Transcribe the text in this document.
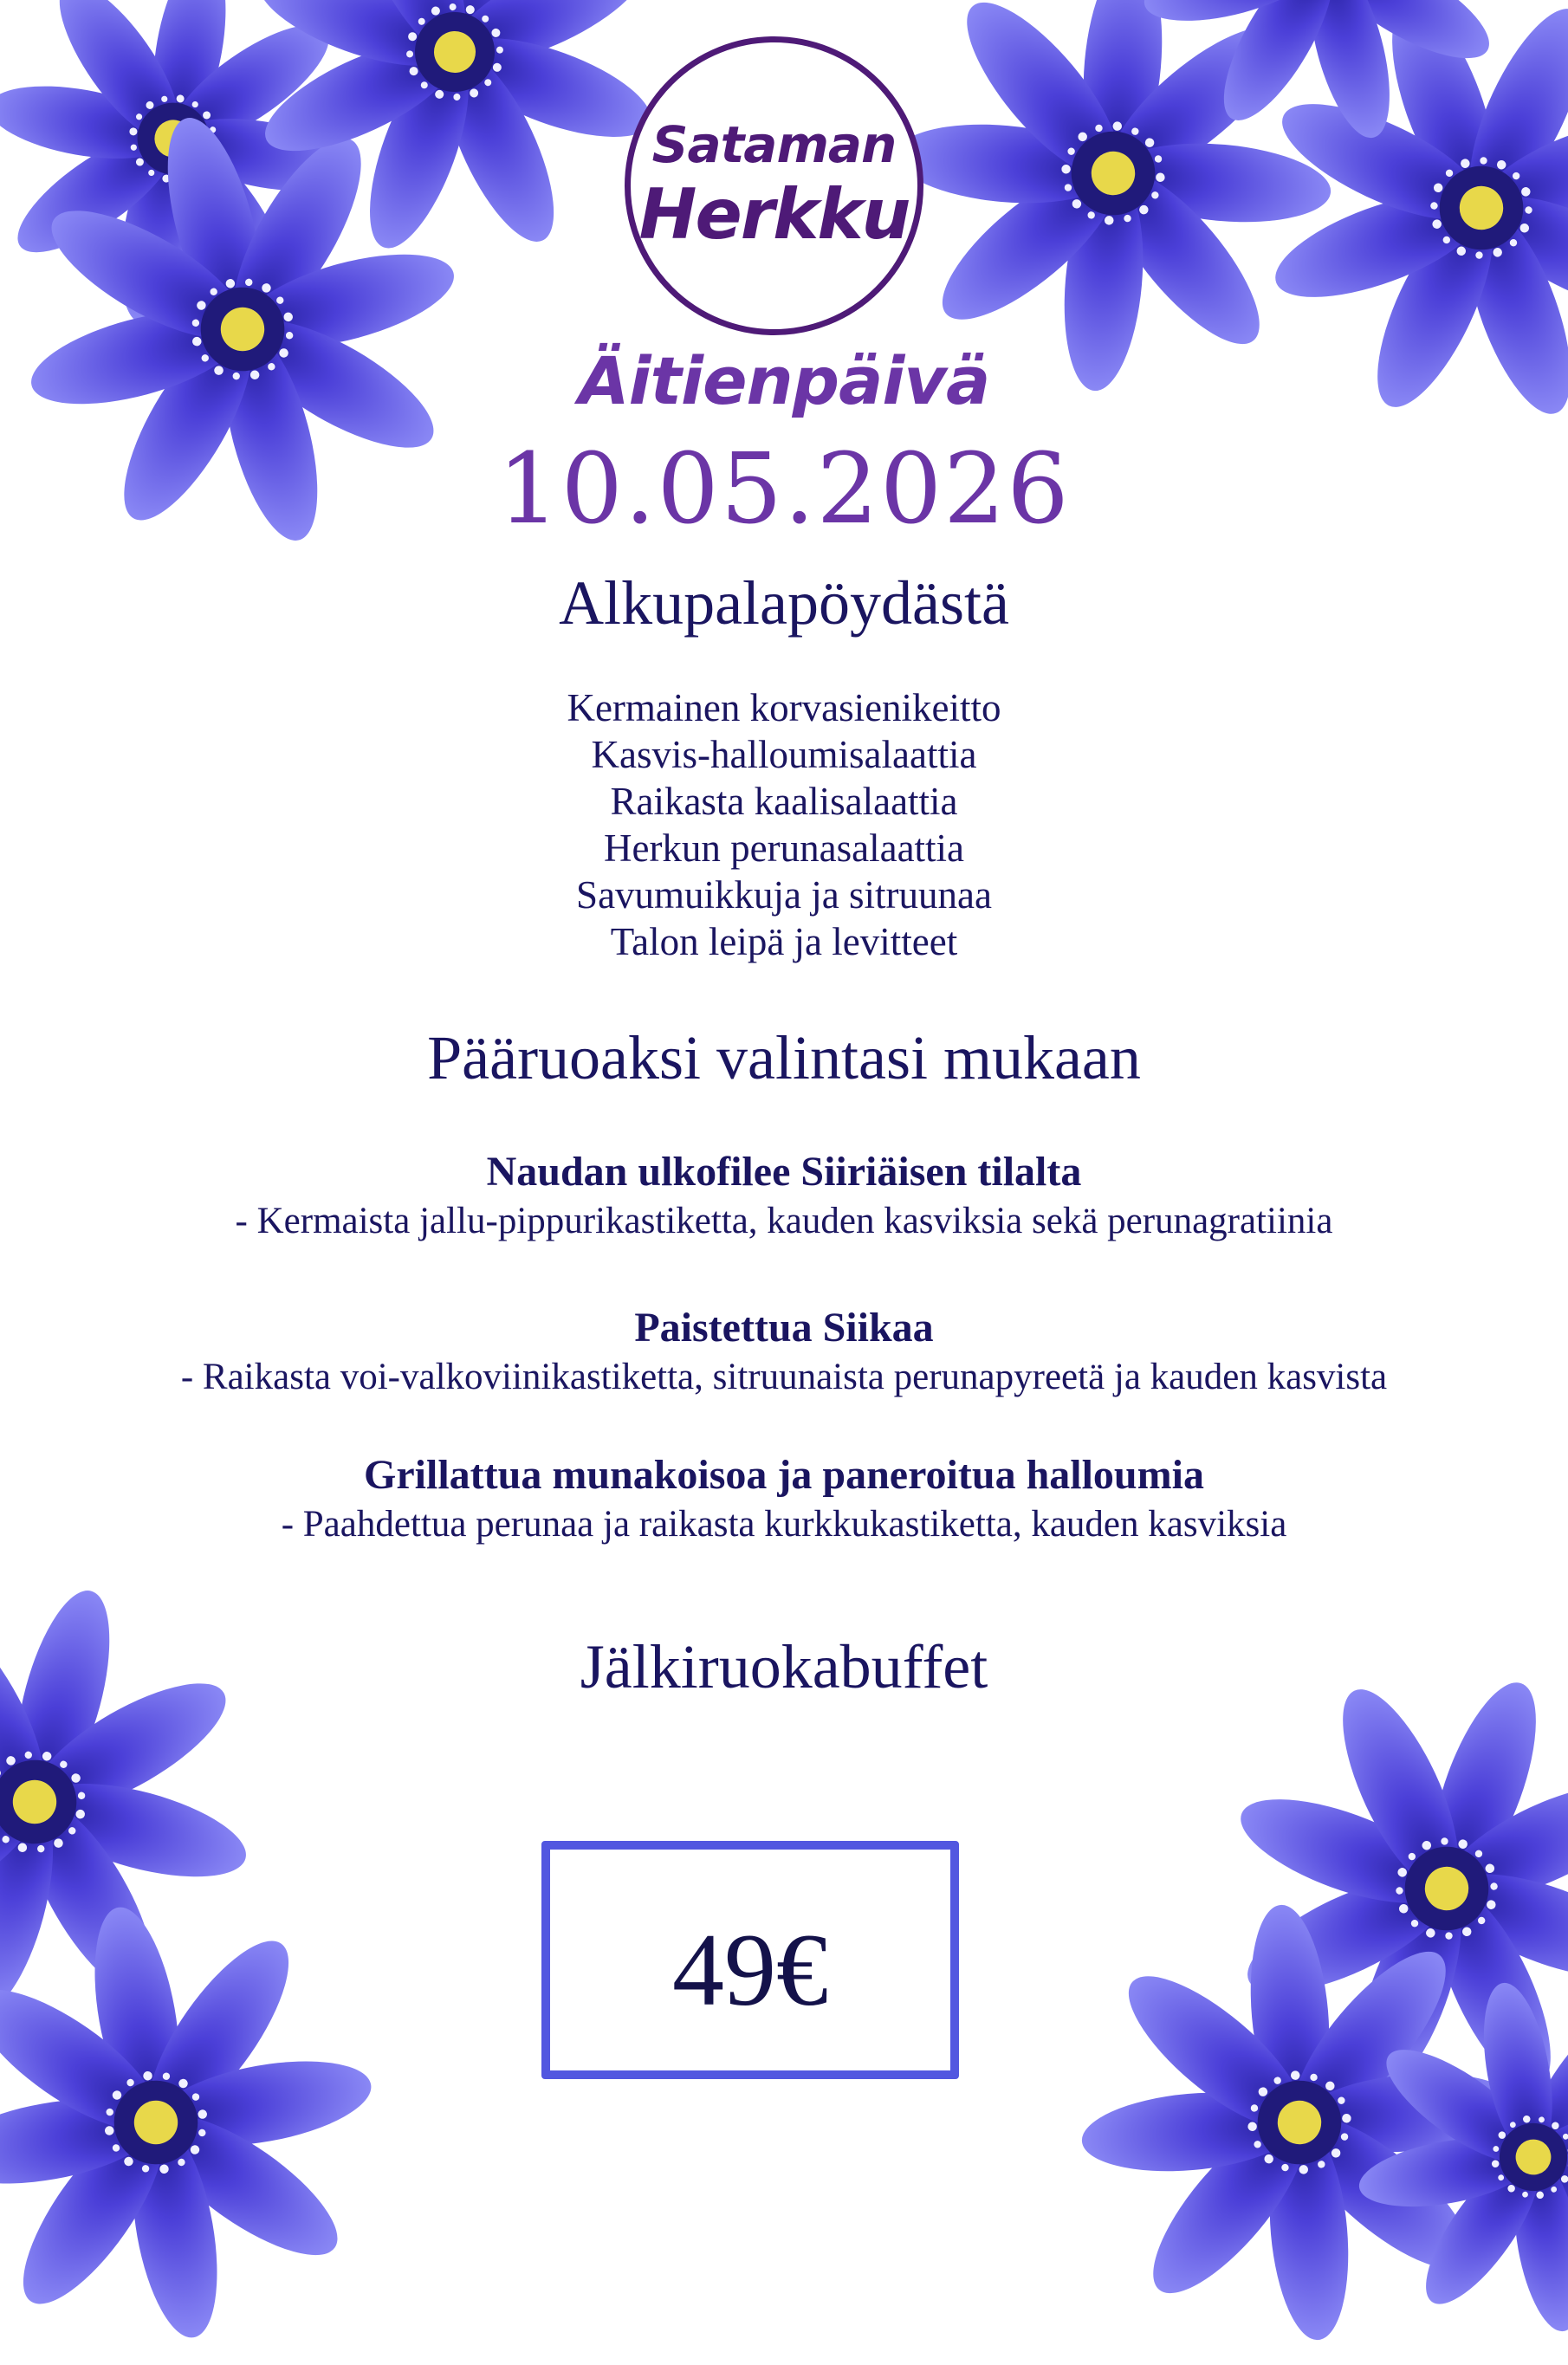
Sataman
Herkku
Äitienpäivä
10.05.2026
Alkupalapöydästä
Kermainen korvasienikeitto
Kasvis-halloumisalaattia
Raikasta kaalisalaattia
Herkun perunasalaattia
Savumuikkuja ja sitruunaa
Talon leipä ja levitteet
Pääruoaksi valintasi mukaan
Naudan ulkofilee Siiriäisen tilalta
- Kermaista jallu-pippurikastiketta, kauden kasviksia sekä perunagratiinia
Paistettua Siikaa
- Raikasta voi-valkoviinikastiketta, sitruunaista perunapyreetä ja kauden kasvista
Grillattua munakoisoa ja paneroitua halloumia
- Paahdettua perunaa ja raikasta kurkkukastiketta, kauden kasviksia
Jälkiruokabuffet
49€
